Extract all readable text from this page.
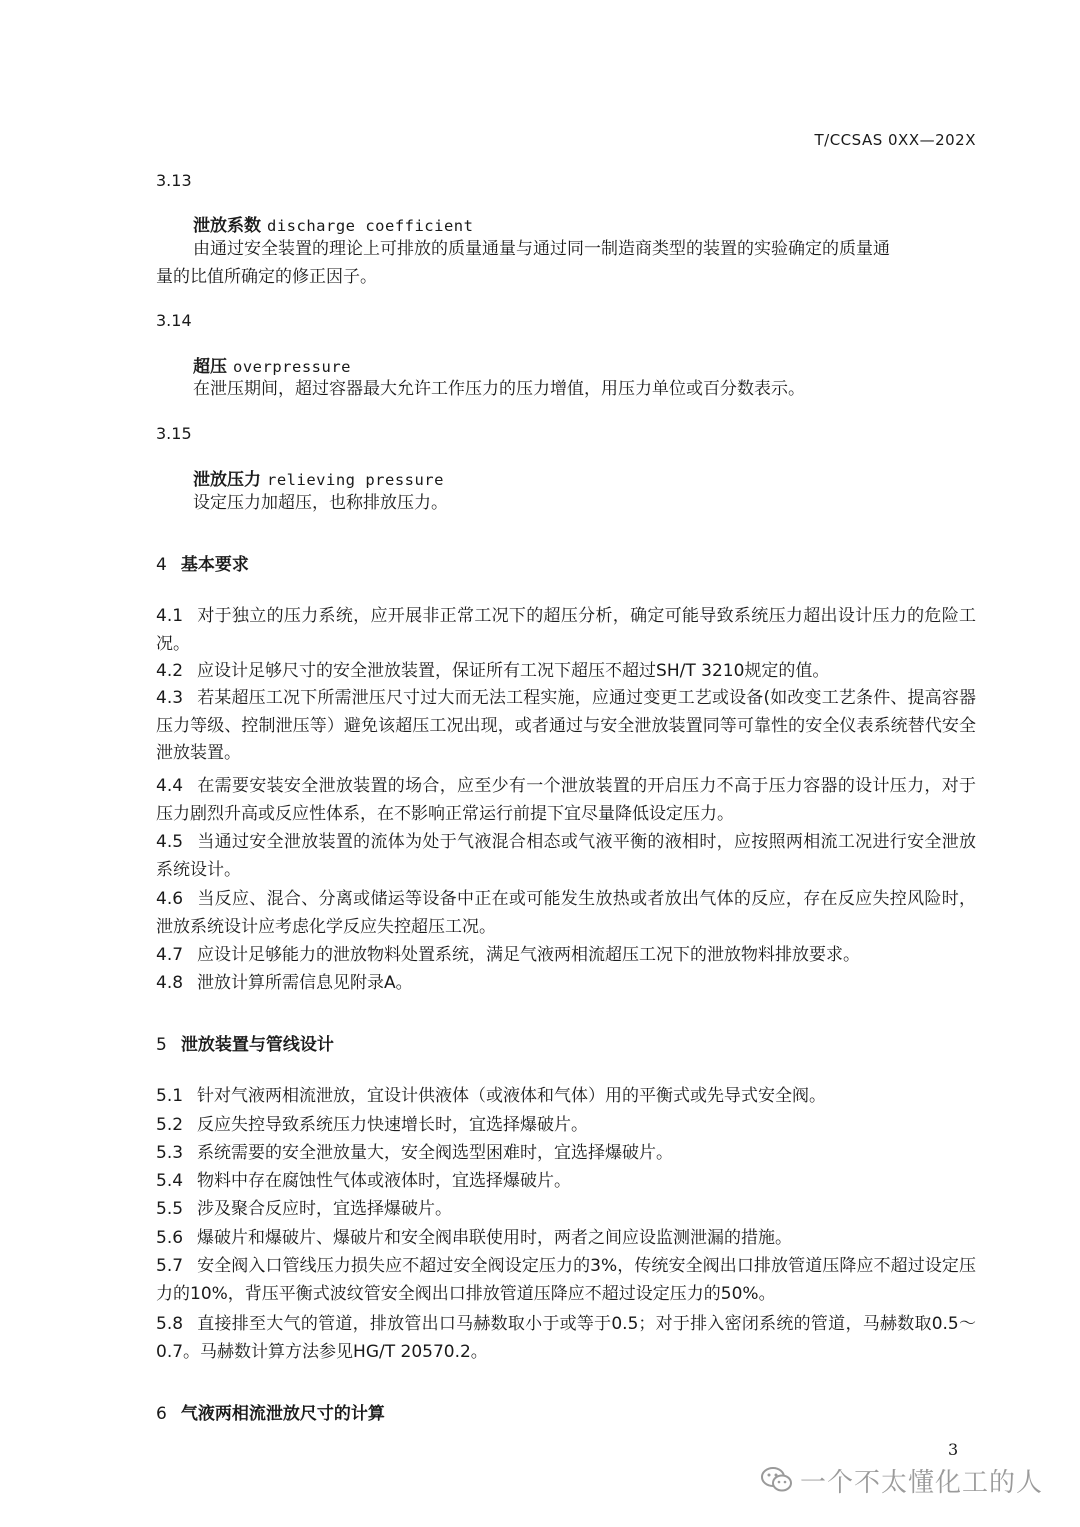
T/CCSAS 0XX—202X
3.13
泄放系数 discharge coefficient
由通过安全装置的理论上可排放的质量通量与通过同一制造商类型的装置的实验确定的质量通
量的比值所确定的修正因子。
3.14
超压 overpressure
在泄压期间，超过容器最大允许工作压力的压力增值，用压力单位或百分数表示。
3.15
泄放压力 relieving pressure
设定压力加超压，也称排放压力。
4 基本要求
4.1 对于独立的压力系统，应开展非正常工况下的超压分析，确定可能导致系统压力超出设计压力的危险工况。
4.2 应设计足够尺寸的安全泄放装置，保证所有工况下超压不超过SH/T 3210规定的值。
4.3 若某超压工况下所需泄压尺寸过大而无法工程实施，应通过变更工艺或设备(如改变工艺条件、提高容器压力等级、控制泄压等）避免该超压工况出现，或者通过与安全泄放装置同等可靠性的安全仪表系统替代安全泄放装置。
4.4 在需要安装安全泄放装置的场合，应至少有一个泄放装置的开启压力不高于压力容器的设计压力，对于压力剧烈升高或反应性体系，在不影响正常运行前提下宜尽量降低设定压力。
4.5 当通过安全泄放装置的流体为处于气液混合相态或气液平衡的液相时，应按照两相流工况进行安全泄放系统设计。
4.6 当反应、混合、分离或储运等设备中正在或可能发生放热或者放出气体的反应，存在反应失控风险时，泄放系统设计应考虑化学反应失控超压工况。
4.7 应设计足够能力的泄放物料处置系统，满足气液两相流超压工况下的泄放物料排放要求。
4.8 泄放计算所需信息见附录A。
5 泄放装置与管线设计
5.1 针对气液两相流泄放，宜设计供液体（或液体和气体）用的平衡式或先导式安全阀。
5.2 反应失控导致系统压力快速增长时，宜选择爆破片。
5.3 系统需要的安全泄放量大，安全阀选型困难时，宜选择爆破片。
5.4 物料中存在腐蚀性气体或液体时，宜选择爆破片。
5.5 涉及聚合反应时，宜选择爆破片。
5.6 爆破片和爆破片、爆破片和安全阀串联使用时，两者之间应设监测泄漏的措施。
5.7 安全阀入口管线压力损失应不超过安全阀设定压力的3%，传统安全阀出口排放管道压降应不超过设定压力的10%，背压平衡式波纹管安全阀出口排放管道压降应不超过设定压力的50%。
5.8 直接排至大气的管道，排放管出口马赫数取小于或等于0.5；对于排入密闭系统的管道，马赫数取0.5～0.7。马赫数计算方法参见HG/T 20570.2。
6 气液两相流泄放尺寸的计算
3
一个不太懂化工的人
